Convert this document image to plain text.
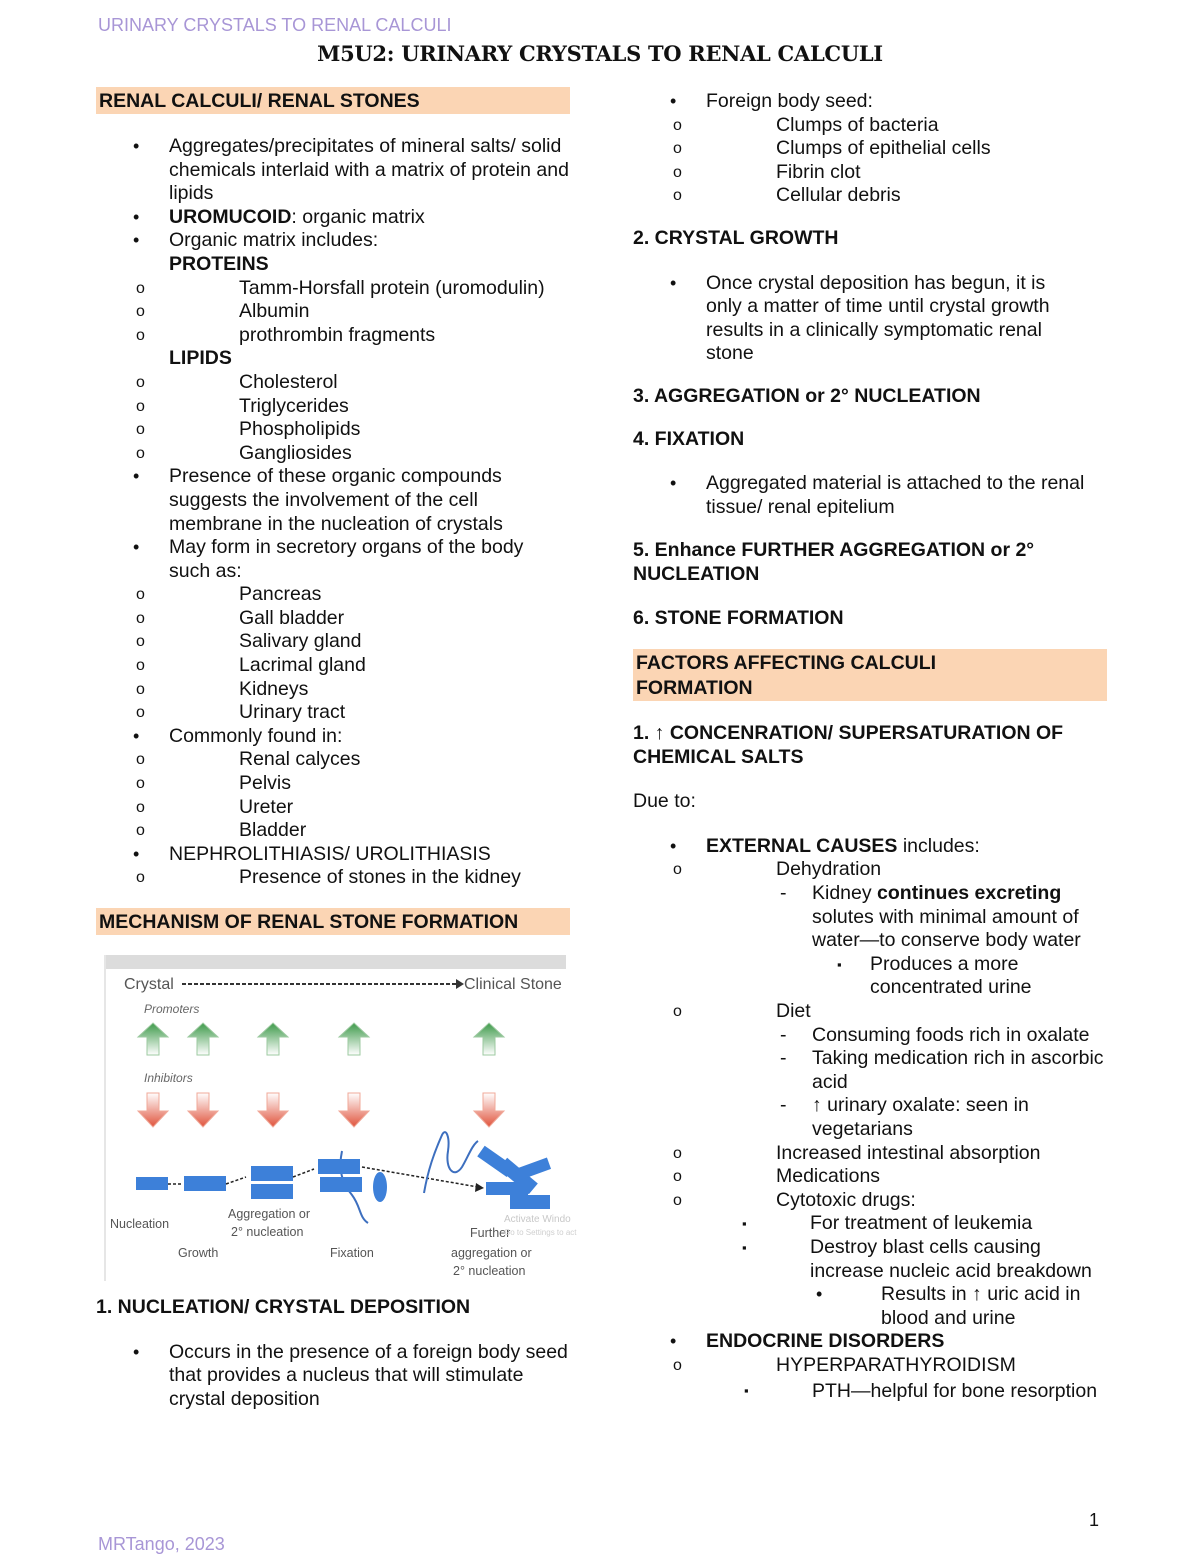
URINARY CRYSTALS TO RENAL CALCULI
M5U2: URINARY CRYSTALS TO RENAL CALCULI
RENAL CALCULI/ RENAL STONES
• Aggregates/precipitates of mineral salts/ solid chemicals interlaid with a matrix of protein and lipids
• UROMUCOID: organic matrix
• Organic matrix includes:
PROTEINS
o Tamm-Horsfall protein (uromodulin)
o Albumin
o prothrombin fragments
LIPIDS
o Cholesterol
o Triglycerides
o Phospholipids
o Gangliosides
• Presence of these organic compounds suggests the involvement of the cell membrane in the nucleation of crystals
• May form in secretory organs of the body such as:
o Pancreas
o Gall bladder
o Salivary gland
o Lacrimal gland
o Kidneys
o Urinary tract
• Commonly found in:
o Renal calyces
o Pelvis
o Ureter
o Bladder
• NEPHROLITHIASIS/ UROLITHIASIS
o Presence of stones in the kidney
MECHANISM OF RENAL STONE FORMATION
Crystal	Clinical Stone
Promoters
Inhibitors
Nucleation
Growth
Aggregation or
2° nucleation
Fixation
Further
aggregation or
2° nucleation
Activate Windo
Go to Settings to act
1. NUCLEATION/ CRYSTAL DEPOSITION
• Occurs in the presence of a foreign body seed that provides a nucleus that will stimulate crystal deposition
• Foreign body seed:
o Clumps of bacteria
o Clumps of epithelial cells
o Fibrin clot
o Cellular debris
2. CRYSTAL GROWTH
• Once crystal deposition has begun, it is only a matter of time until crystal growth results in a clinically symptomatic renal stone
3. AGGREGATION or 2° NUCLEATION
4. FIXATION
• Aggregated material is attached to the renal tissue/ renal epitelium
5. Enhance FURTHER AGGREGATION or 2° NUCLEATION
6. STONE FORMATION
FACTORS AFFECTING CALCULI FORMATION
1. ↑ CONCENRATION/ SUPERSATURATION OF CHEMICAL SALTS
Due to:
• EXTERNAL CAUSES includes:
o Dehydration
- Kidney continues excreting solutes with minimal amount of water—to conserve body water
▪ Produces a more concentrated urine
o Diet
- Consuming foods rich in oxalate
- Taking medication rich in ascorbic acid
- ↑ urinary oxalate: seen in vegetarians
o Increased intestinal absorption
o Medications
o Cytotoxic drugs:
▪ For treatment of leukemia
▪ Destroy blast cells causing increase nucleic acid breakdown
• Results in ↑ uric acid in blood and urine
• ENDOCRINE DISORDERS
o HYPERPARATHYROIDISM
▪ PTH—helpful for bone resorption
1
MRTango, 2023
